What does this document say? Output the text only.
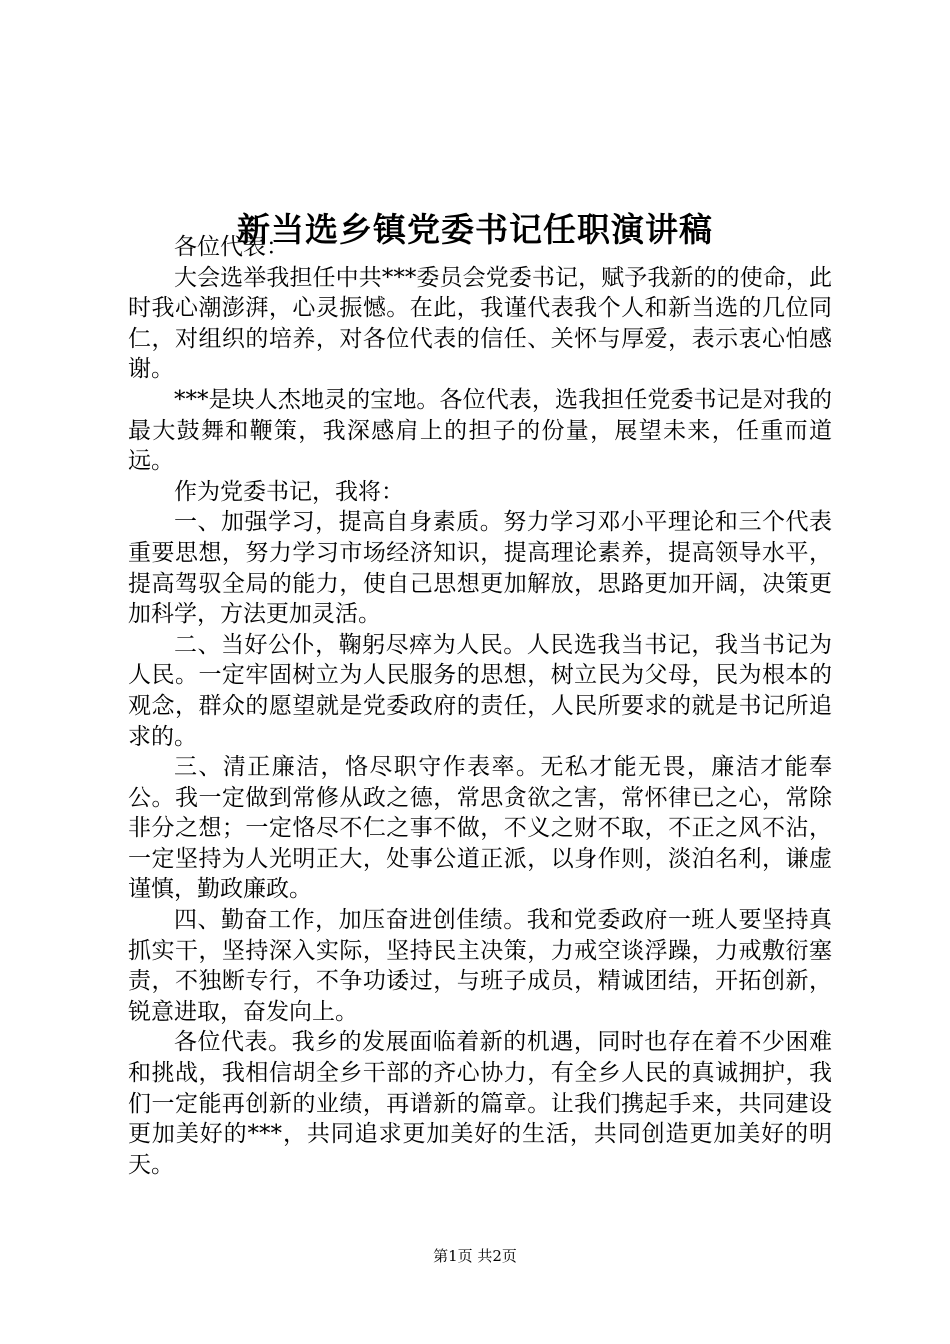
新当选乡镇党委书记任职演讲稿

各位代表：

大会选举我担任中共***委员会党委书记，赋予我新的的使命，此时我心潮澎湃，心灵振憾。在此，我谨代表我个人和新当选的几位同仁，对组织的培养，对各位代表的信任、关怀与厚爱，表示衷心怕感谢。

***是块人杰地灵的宝地。各位代表，选我担任党委书记是对我的最大鼓舞和鞭策，我深感肩上的担子的份量，展望未来，任重而道远。

作为党委书记，我将：

一、加强学习，提高自身素质。努力学习邓小平理论和三个代表重要思想，努力学习市场经济知识，提高理论素养，提高领导水平，提高驾驭全局的能力，使自己思想更加解放，思路更加开阔，决策更加科学，方法更加灵活。

二、当好公仆，鞠躬尽瘁为人民。人民选我当书记，我当书记为人民。一定牢固树立为人民服务的思想，树立民为父母，民为根本的观念，群众的愿望就是党委政府的责任，人民所要求的就是书记所追求的。

三、清正廉洁，恪尽职守作表率。无私才能无畏，廉洁才能奉公。我一定做到常修从政之德，常思贪欲之害，常怀律已之心，常除非分之想；一定恪尽不仁之事不做，不义之财不取，不正之风不沾，一定坚持为人光明正大，处事公道正派，以身作则，淡泊名利，谦虚谨慎，勤政廉政。

四、勤奋工作，加压奋进创佳绩。我和党委政府一班人要坚持真抓实干，坚持深入实际，坚持民主决策，力戒空谈浮躁，力戒敷衍塞责，不独断专行，不争功诿过，与班子成员，精诚团结，开拓创新，锐意进取，奋发向上。

各位代表。我乡的发展面临着新的机遇，同时也存在着不少困难和挑战，我相信胡全乡干部的齐心协力，有全乡人民的真诚拥护，我们一定能再创新的业绩，再谱新的篇章。让我们携起手来，共同建设更加美好的***，共同追求更加美好的生活，共同创造更加美好的明天。

第1页 共2页
